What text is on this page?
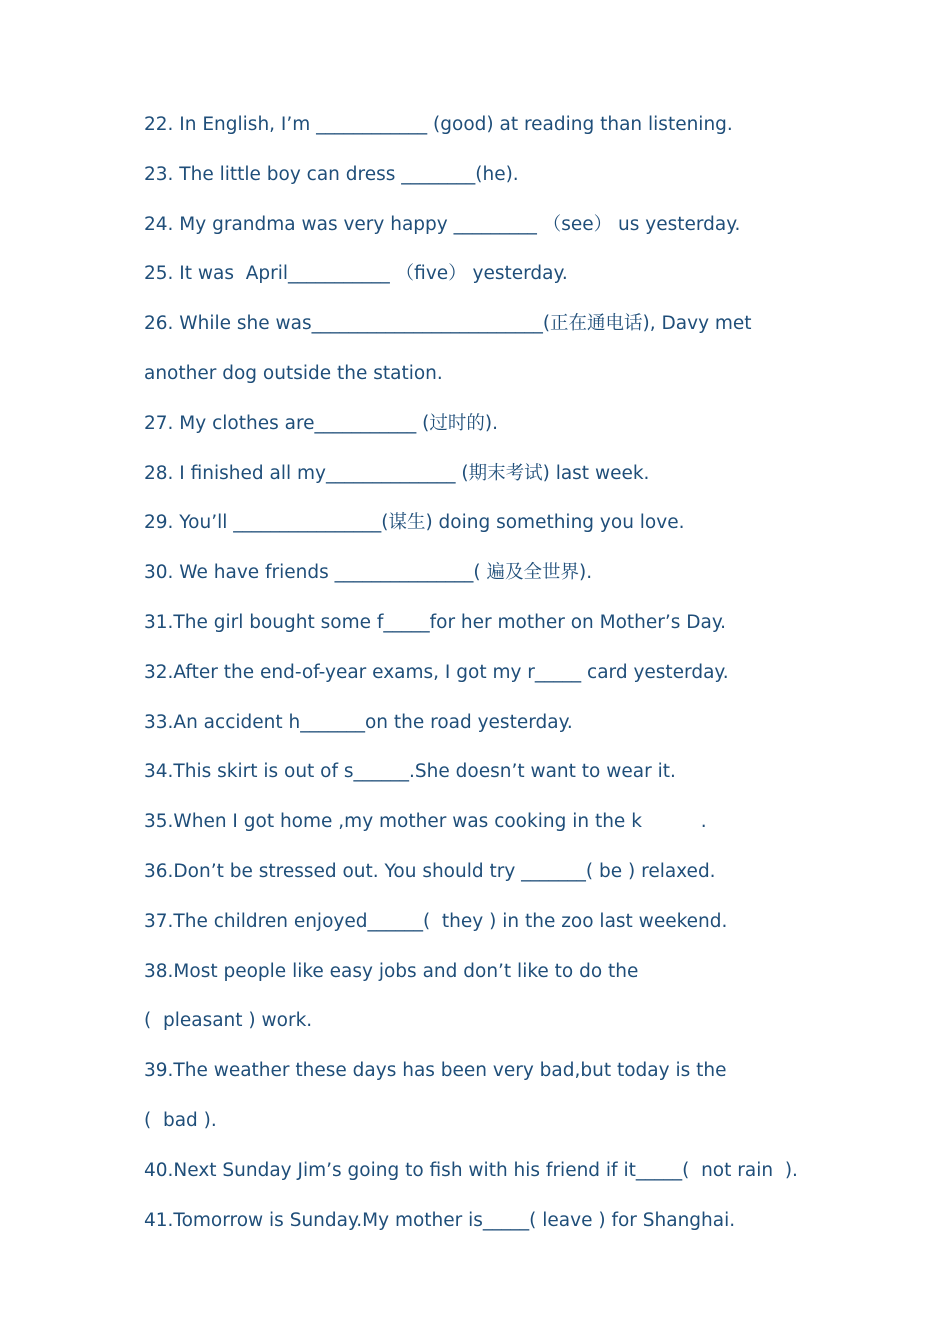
22. In English, I’m ____________ (good) at reading than listening.
23. The little boy can dress ________(he).
24. My grandma was very happy _________ （see） us yesterday.
25. It was  April___________ （five） yesterday.
26. While she was_________________________(正在通电话), Davy met
another dog outside the station.
27. My clothes are___________ (过时的).
28. I finished all my______________ (期末考试) last week.
29. You’ll ________________(谋生) doing something you love.
30. We have friends _______________( 遍及全世界).
31.The girl bought some f_____for her mother on Mother’s Day.
32.After the end-of-year exams, I got my r_____ card yesterday.
33.An accident h_______on the road yesterday.
34.This skirt is out of s______.She doesn’t want to wear it.
35.When I got home ,my mother was cooking in the k          .
36.Don’t be stressed out. You should try _______( be ) relaxed.
37.The children enjoyed______(  they ) in the zoo last weekend.
38.Most people like easy jobs and don’t like to do the
(  pleasant ) work.
39.The weather these days has been very bad,but today is the
(  bad ).
40.Next Sunday Jim’s going to fish with his friend if it_____(  not rain  ).
41.Tomorrow is Sunday.My mother is_____( leave ) for Shanghai.
